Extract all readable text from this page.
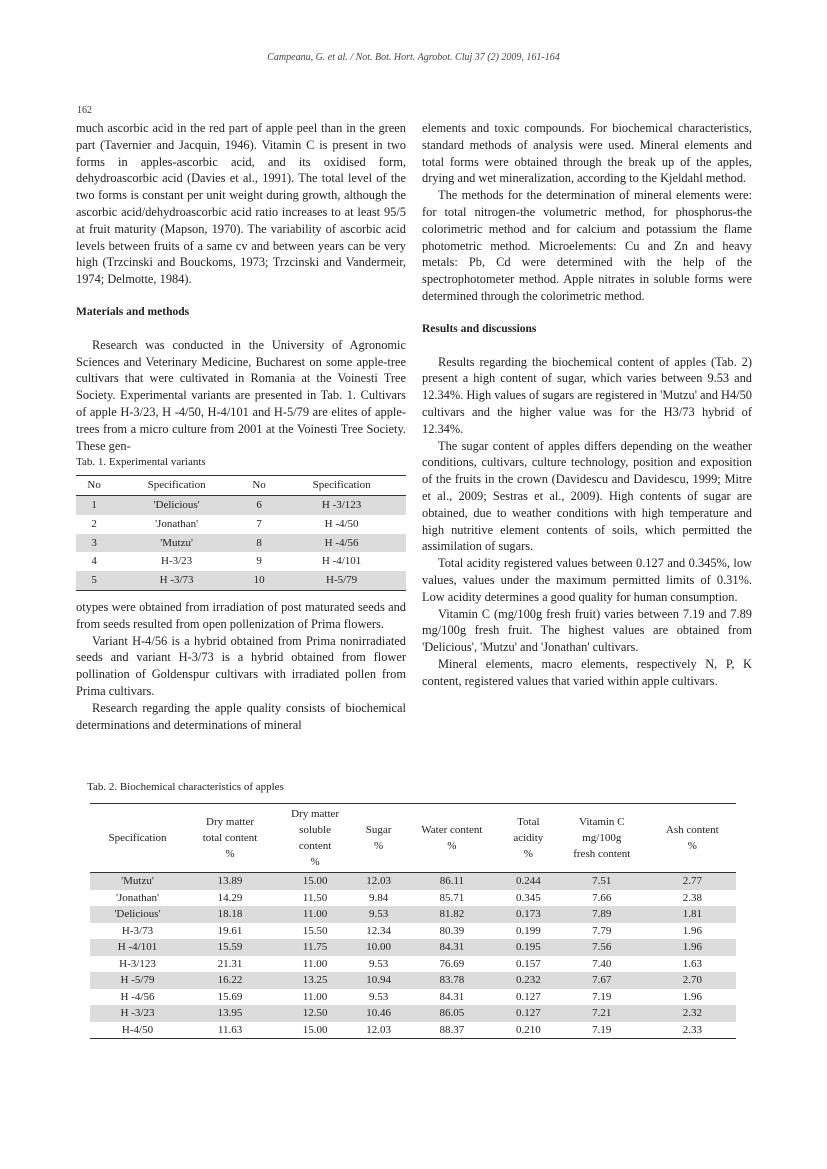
Campeanu, G. et al. / Not. Bot. Hort. Agrobot. Cluj 37 (2) 2009, 161-164
162

much ascorbic acid in the red part of apple peel than in the green part (Tavernier and Jacquin, 1946). Vitamin C is present in two forms in apples-ascorbic acid, and its oxidised form, dehydroascorbic acid (Davies et al., 1991). The total level of the two forms is constant per unit weight during growth, although the ascorbic acid/dehydroascorbic acid ratio increases to at least 95/5 at fruit maturity (Mapson, 1970). The variability of ascorbic acid levels between fruits of a same cv and between years can be very high (Trzcinski and Bouckoms, 1973; Trzcinski and Vandermeir, 1974; Delmotte, 1984).

Materials and methods

Research was conducted in the University of Agronomic Sciences and Veterinary Medicine, Bucharest on some apple-tree cultivars that were cultivated in Romania at the Voinesti Tree Society. Experimental variants are presented in Tab. 1. Cultivars of apple H-3/23, H -4/50, H-4/101 and H-5/79 are elites of apple-trees from a micro culture from 2001 at the Voinesti Tree Society. These gen-

Tab. 1. Experimental variants

No	Specification	No	Specification
1	'Delicious'	6	H -3/123
2	'Jonathan'	7	H -4/50
3	'Mutzu'	8	H -4/56
4	H-3/23	9	H -4/101
5	H -3/73	10	H-5/79

otypes were obtained from irradiation of post maturated seeds and from seeds resulted from open pollenization of Prima flowers.

Variant H-4/56 is a hybrid obtained from Prima nonirradiated seeds and variant H-3/73 is a hybrid obtained from flower pollination of Goldenspur cultivars with irradiated pollen from Prima cultivars.

Research regarding the apple quality consists of biochemical determinations and determinations of mineral

elements and toxic compounds. For biochemical characteristics, standard methods of analysis were used. Mineral elements and total forms were obtained through the break up of the apples, drying and wet mineralization, according to the Kjeldahl method.

The methods for the determination of mineral elements were: for total nitrogen-the volumetric method, for phosphorus-the colorimetric method and for calcium and potassium the flame photometric method. Microelements: Cu and Zn and heavy metals: Pb, Cd were determined with the help of the spectrophotometer method. Apple nitrates in soluble forms were determined through the colorimetric method.

Results and discussions

Results regarding the biochemical content of apples (Tab. 2) present a high content of sugar, which varies between 9.53 and 12.34%. High values of sugars are registered in 'Mutzu' and H4/50 cultivars and the higher value was for the H3/73 hybrid of 12.34%.

The sugar content of apples differs depending on the weather conditions, cultivars, culture technology, position and exposition of the fruits in the crown (Davidescu and Davidescu, 1999; Mitre et al., 2009; Sestras et al., 2009). High contents of sugar are obtained, due to weather conditions with high temperature and high nutritive element contents of soils, which permitted the assimilation of sugars.

Total acidity registered values between 0.127 and 0.345%, low values, values under the maximum permitted limits of 0.31%. Low acidity determines a good quality for human consumption.

Vitamin C (mg/100g fresh fruit) varies between 7.19 and 7.89 mg/100g fresh fruit. The highest values are obtained from 'Delicious', 'Mutzu' and 'Jonathan' cultivars.

Mineral elements, macro elements, respectively N, P, K content, registered values that varied within apple cultivars.

Tab. 2. Biochemical characteristics of apples
Specification	Dry matter
total content
%	Dry matter
soluble
content
%	Sugar
%	Water content
%	Total
acidity
%	Vitamin C
mg/100g
fresh content	Ash content
%
'Mutzu'	13.89	15.00	12.03	86.11	0.244	7.51	2.77
'Jonathan'	14.29	11.50	9.84	85.71	0.345	7.66	2.38
'Delicious'	18.18	11.00	9.53	81.82	0.173	7.89	1.81
H-3/73	19.61	15.50	12.34	80.39	0.199	7.79	1.96
H -4/101	15.59	11.75	10.00	84.31	0.195	7.56	1.96
H-3/123	21.31	11.00	9.53	76.69	0.157	7.40	1.63
H -5/79	16.22	13.25	10.94	83.78	0.232	7.67	2.70
H -4/56	15.69	11.00	9.53	84.31	0.127	7.19	1.96
H -3/23	13.95	12.50	10.46	86.05	0.127	7.21	2.32
H-4/50	11.63	15.00	12.03	88.37	0.210	7.19	2.33
